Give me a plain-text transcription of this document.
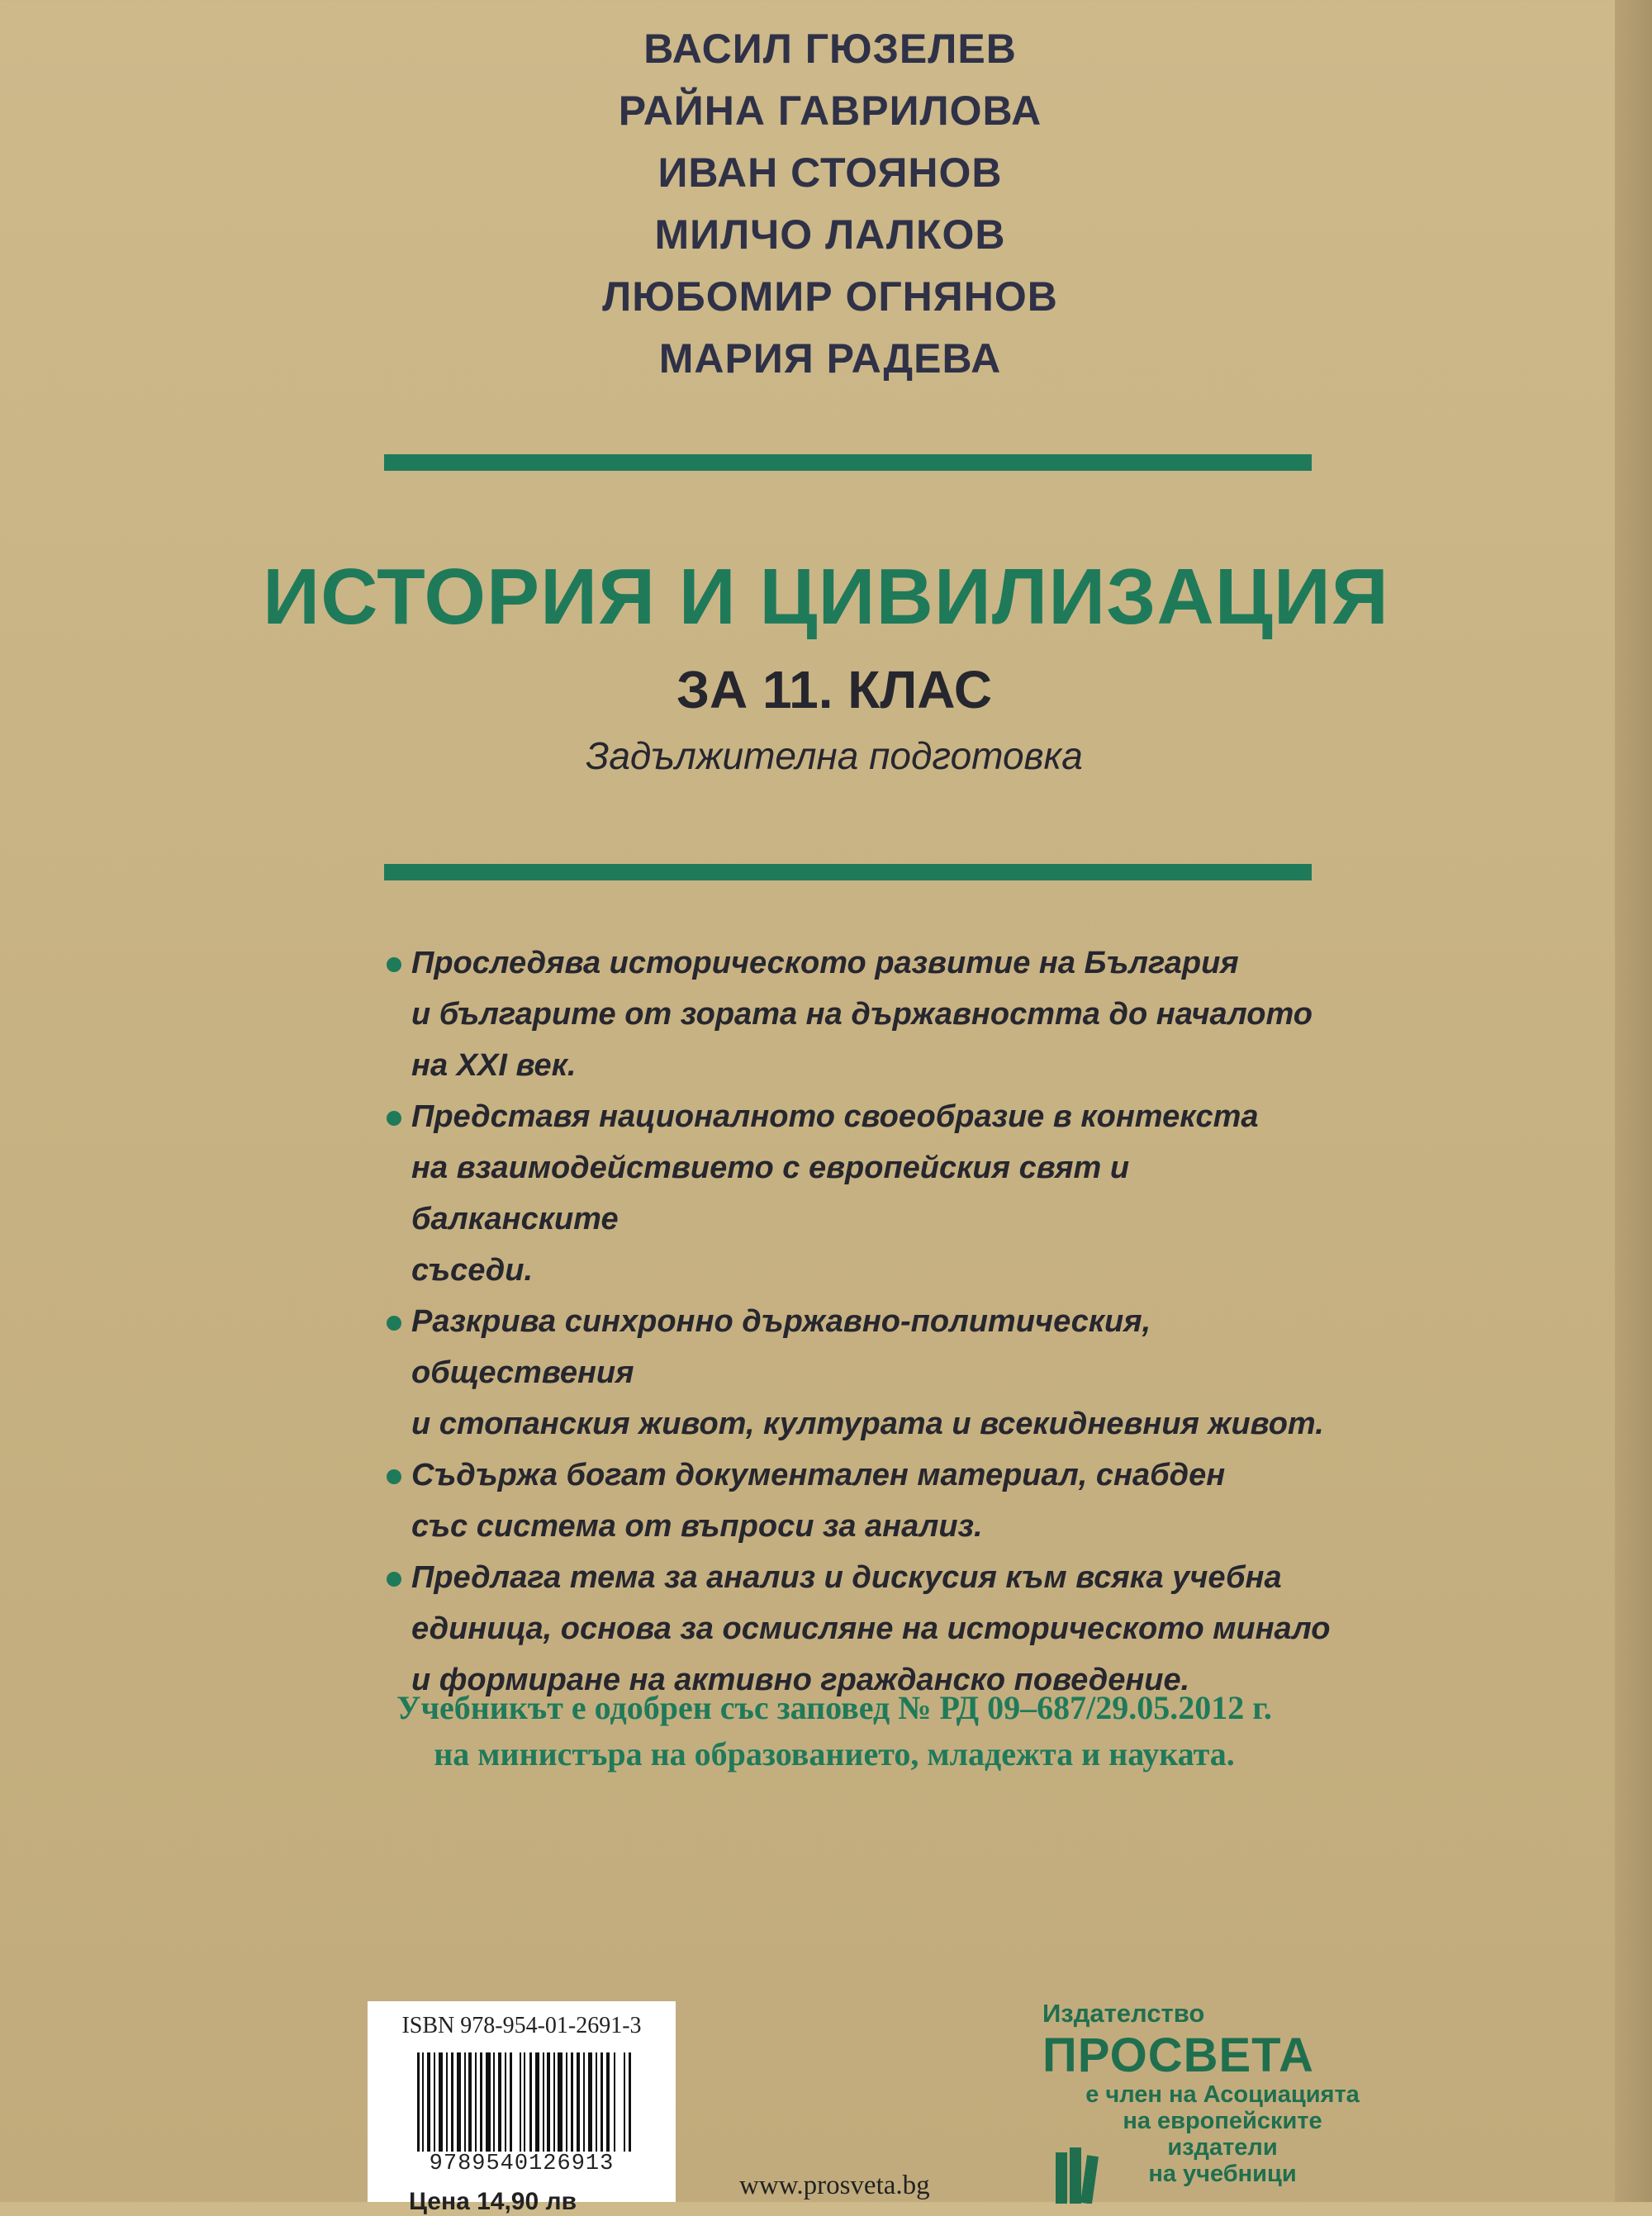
ВАСИЛ ГЮЗЕЛЕВ
РАЙНА ГАВРИЛОВА
ИВАН СТОЯНОВ
МИЛЧО ЛАЛКОВ
ЛЮБОМИР ОГНЯНОВ
МАРИЯ РАДЕВА
ИСТОРИЯ И ЦИВИЛИЗАЦИЯ
ЗА 11. КЛАС
Задължителна подготовка
Проследява историческото развитие на България
и българите от зората на държавността до началото
на XXI век.
Представя националното своеобразие в контекста
на взаимодействието с европейския свят и балканските
съседи.
Разкрива синхронно държавно-политическия, обществения
и стопанския живот, културата и всекидневния живот.
Съдържа богат документален материал, снабден
със система от въпроси за анализ.
Предлага тема за анализ и дискусия към всяка учебна
единица, основа за осмисляне на историческото минало
и формиране на активно гражданско поведение.
Учебникът е одобрен със заповед № РД 09–687/29.05.2012 г.
на министъра на образованието, младежта и науката.
ISBN 978-954-01-2691-3
9789540126913
Цена 14,90 лв
www.prosveta.bg
Издателство
ПРОСВЕТА
е член на Асоциацията
на европейските
издатели
на учебници
